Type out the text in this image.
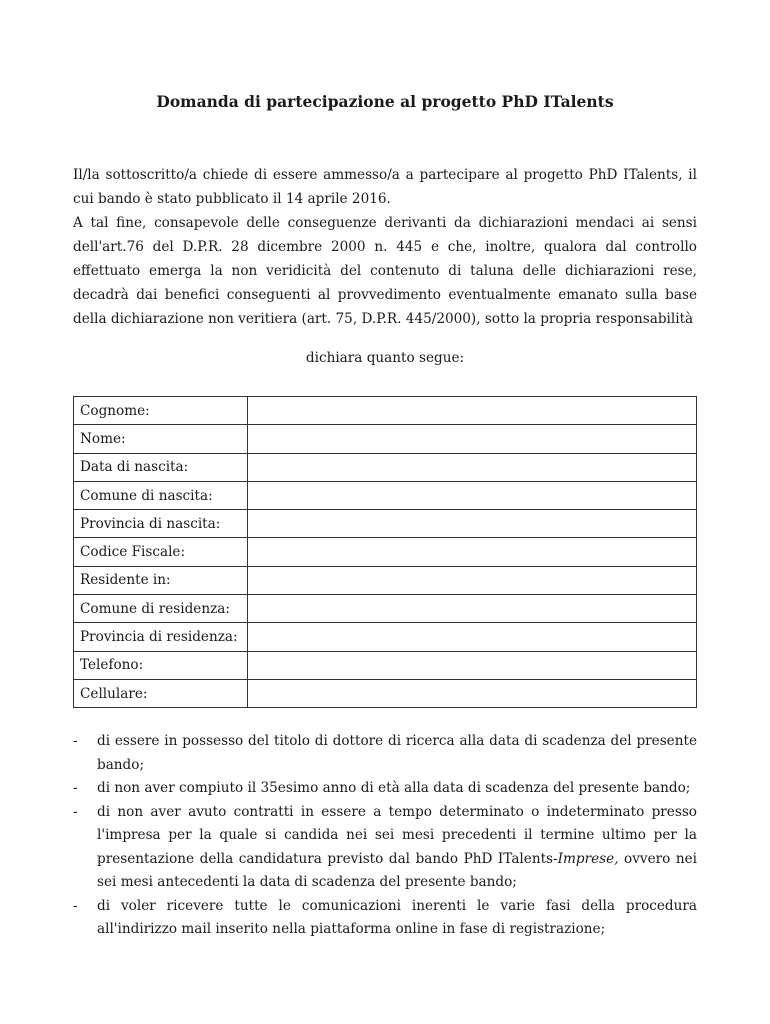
Domanda di partecipazione al progetto PhD ITalents

Il/la sottoscritto/a chiede di essere ammesso/a a partecipare al progetto PhD ITalents, il cui bando è stato pubblicato il 14 aprile 2016.

A tal fine, consapevole delle conseguenze derivanti da dichiarazioni mendaci ai sensi dell'art.76 del D.P.R. 28 dicembre 2000 n. 445 e che, inoltre, qualora dal controllo effettuato emerga la non veridicità del contenuto di taluna delle dichiarazioni rese, decadrà dai benefici conseguenti al provvedimento eventualmente emanato sulla base della dichiarazione non veritiera (art. 75, D.P.R. 445/2000), sotto la propria responsabilità

dichiara quanto segue:
Cognome:	
Nome:	
Data di nascita:	
Comune di nascita:	
Provincia di nascita:	
Codice Fiscale:	
Residente in:	
Comune di residenza:	
Provincia di residenza:	
Telefono:	
Cellulare:	
- di essere in possesso del titolo di dottore di ricerca alla data di scadenza del presente bando;
- di non aver compiuto il 35esimo anno di età alla data di scadenza del presente bando;
- di non aver avuto contratti in essere a tempo determinato o indeterminato presso l'impresa per la quale si candida nei sei mesi precedenti il termine ultimo per la presentazione della candidatura previsto dal bando PhD ITalents-Imprese, ovvero nei sei mesi antecedenti la data di scadenza del presente bando;
- di voler ricevere tutte le comunicazioni inerenti le varie fasi della procedura all'indirizzo mail inserito nella piattaforma online in fase di registrazione;
